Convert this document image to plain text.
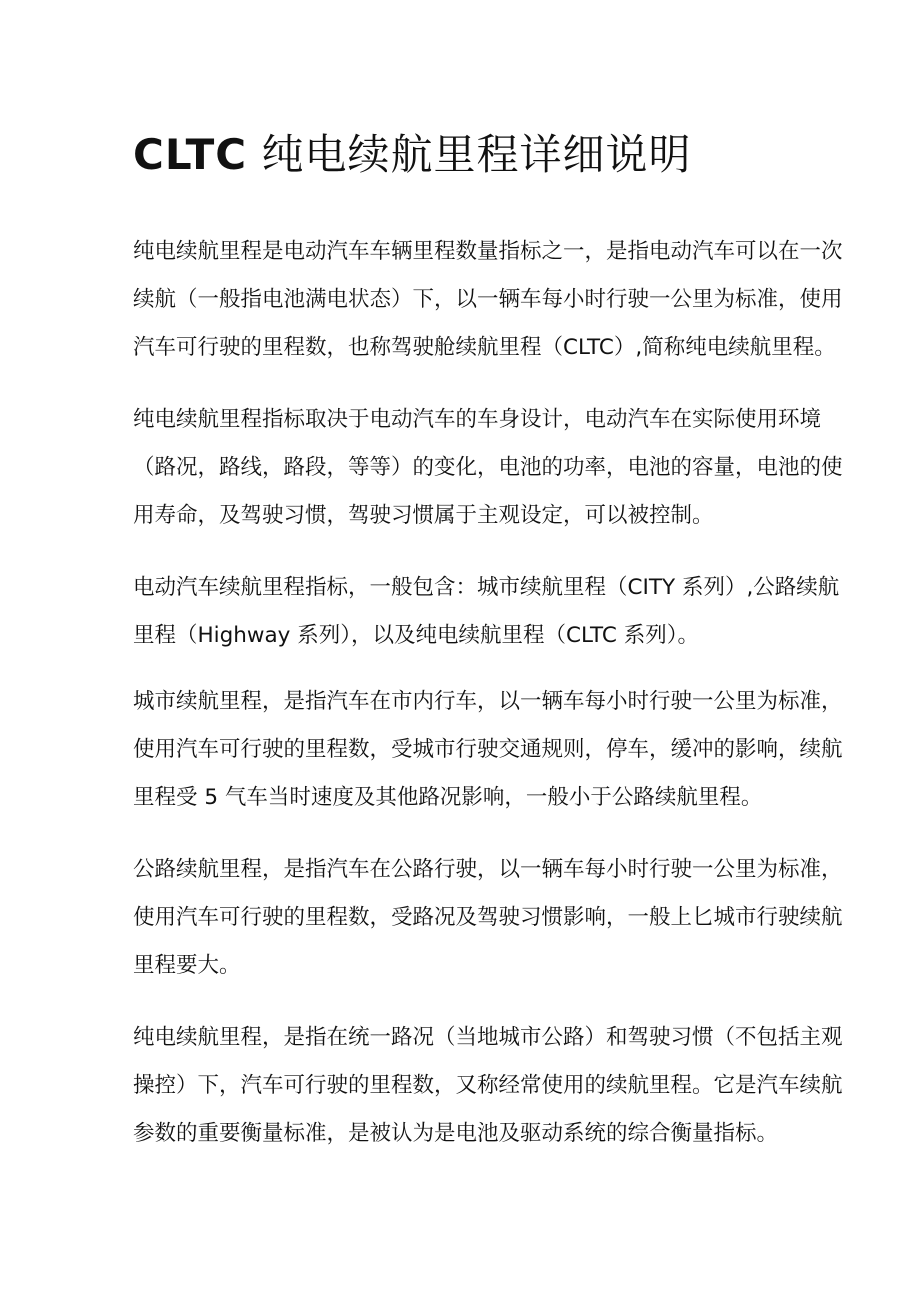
CLTC 纯电续航里程详细说明
纯电续航里程是电动汽车车辆里程数量指标之一，是指电动汽车可以在一次
续航（一般指电池满电状态）下，以一辆车每小时行驶一公里为标准，使用
汽车可行驶的里程数，也称驾驶舱续航里程（CLTC）,简称纯电续航里程。
纯电续航里程指标取决于电动汽车的车身设计，电动汽车在实际使用环境
（路况，路线，路段，等等）的变化，电池的功率，电池的容量，电池的使
用寿命，及驾驶习惯，驾驶习惯属于主观设定，可以被控制。
电动汽车续航里程指标，一般包含：城市续航里程（CITY 系列）,公路续航
里程（Highway 系列），以及纯电续航里程（CLTC 系列）。
城市续航里程，是指汽车在市内行车，以一辆车每小时行驶一公里为标准，
使用汽车可行驶的里程数，受城市行驶交通规则，停车，缓冲的影响，续航
里程受 5 气车当时速度及其他路况影响，一般小于公路续航里程。
公路续航里程，是指汽车在公路行驶，以一辆车每小时行驶一公里为标准，
使用汽车可行驶的里程数，受路况及驾驶习惯影响，一般上匕城市行驶续航
里程要大。
纯电续航里程，是指在统一路况（当地城市公路）和驾驶习惯（不包括主观
操控）下，汽车可行驶的里程数，又称经常使用的续航里程。它是汽车续航
参数的重要衡量标准，是被认为是电池及驱动系统的综合衡量指标。
